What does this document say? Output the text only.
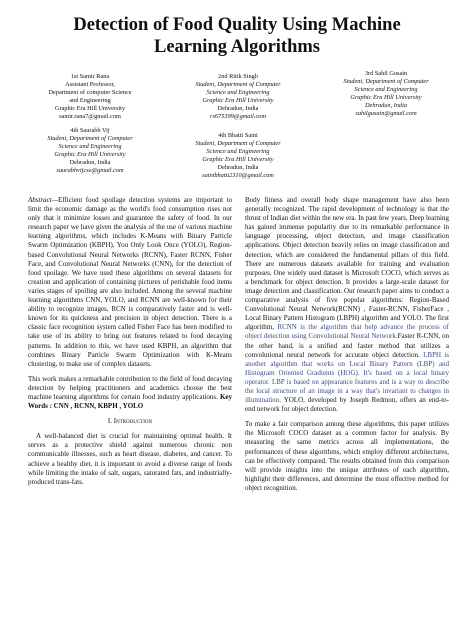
Detection of Food Quality Using Machine
Learning Algorithms
1st Samir Rana
Assistant Professor,
Department of computer Science
and Engineering
Graphic Era Hill University
samir.rana7@gmail.com
2nd Ritik Singh
Student, Department of Computer
Science and Engineering
Graphic Era Hill University
Dehradun, India
rs675399@gmail.com
3rd Sahil Gusain
Student, Department of Computer
Science and Engineering
Graphic Era Hill University
Dehradun, India
sahilgusain@gmail.com
4th Saurabh Vij
Student, Department of Computer
Science and Engineering
Graphic Era Hill University
Dehradun, India
saurabhvijcse@gmail.com
4th Bhatti Saini
Student, Department of Computer
Science and Engineering
Graphic Era Hill University
Dehradun, India
sainibhatti2310@gmail.com

Abstract—Efficient food spoilage detection systems are important to limit the economic damage as the world's food consumption rises not only that it minimize losses and guarantee the safety of food. In our research paper we have given the analysis of the use of various machine learning algorithms, which includes K-Means with Binary Particle Swarm Optimization (KBPH), You Only Look Once (YOLO), Region-based Convolutional Neural Networks (RCNN), Faster RCNN, Fisher Face, and Convolutional Neural Networks (CNN), for the detection of food spoilage. We have used these algorithms on several datasets for creation and application of containing pictures of perishable food items varies stages of spoiling are also included. Among the several machine learning algorithms CNN, YOLO, and RCNN are well-known for their ability to recognize images, RCN is comparatively faster and is well-known for its quickness and precision in object detection. There is a classic face recognition system called Fisher Face has been modified to take use of its ability to bring out features related to food decaying patterns. In addition to this, we have used KBPH, an algorithm that combines Binary Particle Swarm Optimization with K-Means clustering, to make use of complex datasets.

This work makes a remarkable contribution to the field of food decaying detection by helping practitioners and academics choose the best machine learning algorithms for certain food industry applications. Key Words : CNN , RCNN, KBPH , YOLO

I. Introduction

A well-balanced diet is crucial for maintaining optimal health. It serves as a protective shield against numerous chronic non communicable illnesses, such as heart disease, diabetes, and cancer. To achieve a healthy diet, it is important to avoid a diverse range of foods while limiting the intake of salt, sugars, saturated fats, and industrially-produced trans-fats.

Body fitness and overall body shape management have also been generally recognized. The rapid development of technology is that the thrust of Indian diet within the new era. In past few years, Deep learning has gained immense popularity due to its remarkable performance in language processing, object detection, and image classification applications. Object detection heavily relies on image classification and detection, which are considered the fundamental pillars of this field. There are numerous datasets available for training and evaluation purposes. One widely used dataset is Microsoft COCO, which serves as a benchmark for object detection. It provides a large-scale dataset for image detection and classification. Our research paper aims to conduct a comparative analysis of five popular algorithms: Region-Based Convolutional Neural Network(RCNN) , Faster-RCNN, FisherFace , Local Binary Pattern Histogram (LBPH) algorithm and YOLO. The first algorithm, RCNN is the algorithm that help advance the process of object detection using Convolutional Neural Network.Faster R-CNN, on the other hand, is a unified and faster method that utilizes a convolutional neural network for accurate object detection. LBPH is another algorithm that works on Local Binary Pattern (LBP) and Histogram Oriented Gradients (HOG). It's based on a local binary operator. LBP is based on appearance features and is a way to describe the local structure of an image in a way that's invariant to changes in illumination. YOLO, developed by Joseph Redmon, offers an end-to-end network for object detection.

To make a fair comparison among these algorithms, this paper utilizes the Microsoft COCO dataset as a common factor for analysis. By measuring the same metrics across all implementations, the performances of these algorithms, which employ different architectures, can be effectively compared. The results obtained from this comparison will provide insights into the unique attributes of each algorithm, highlight their differences, and determine the most effective method for object recognition.
